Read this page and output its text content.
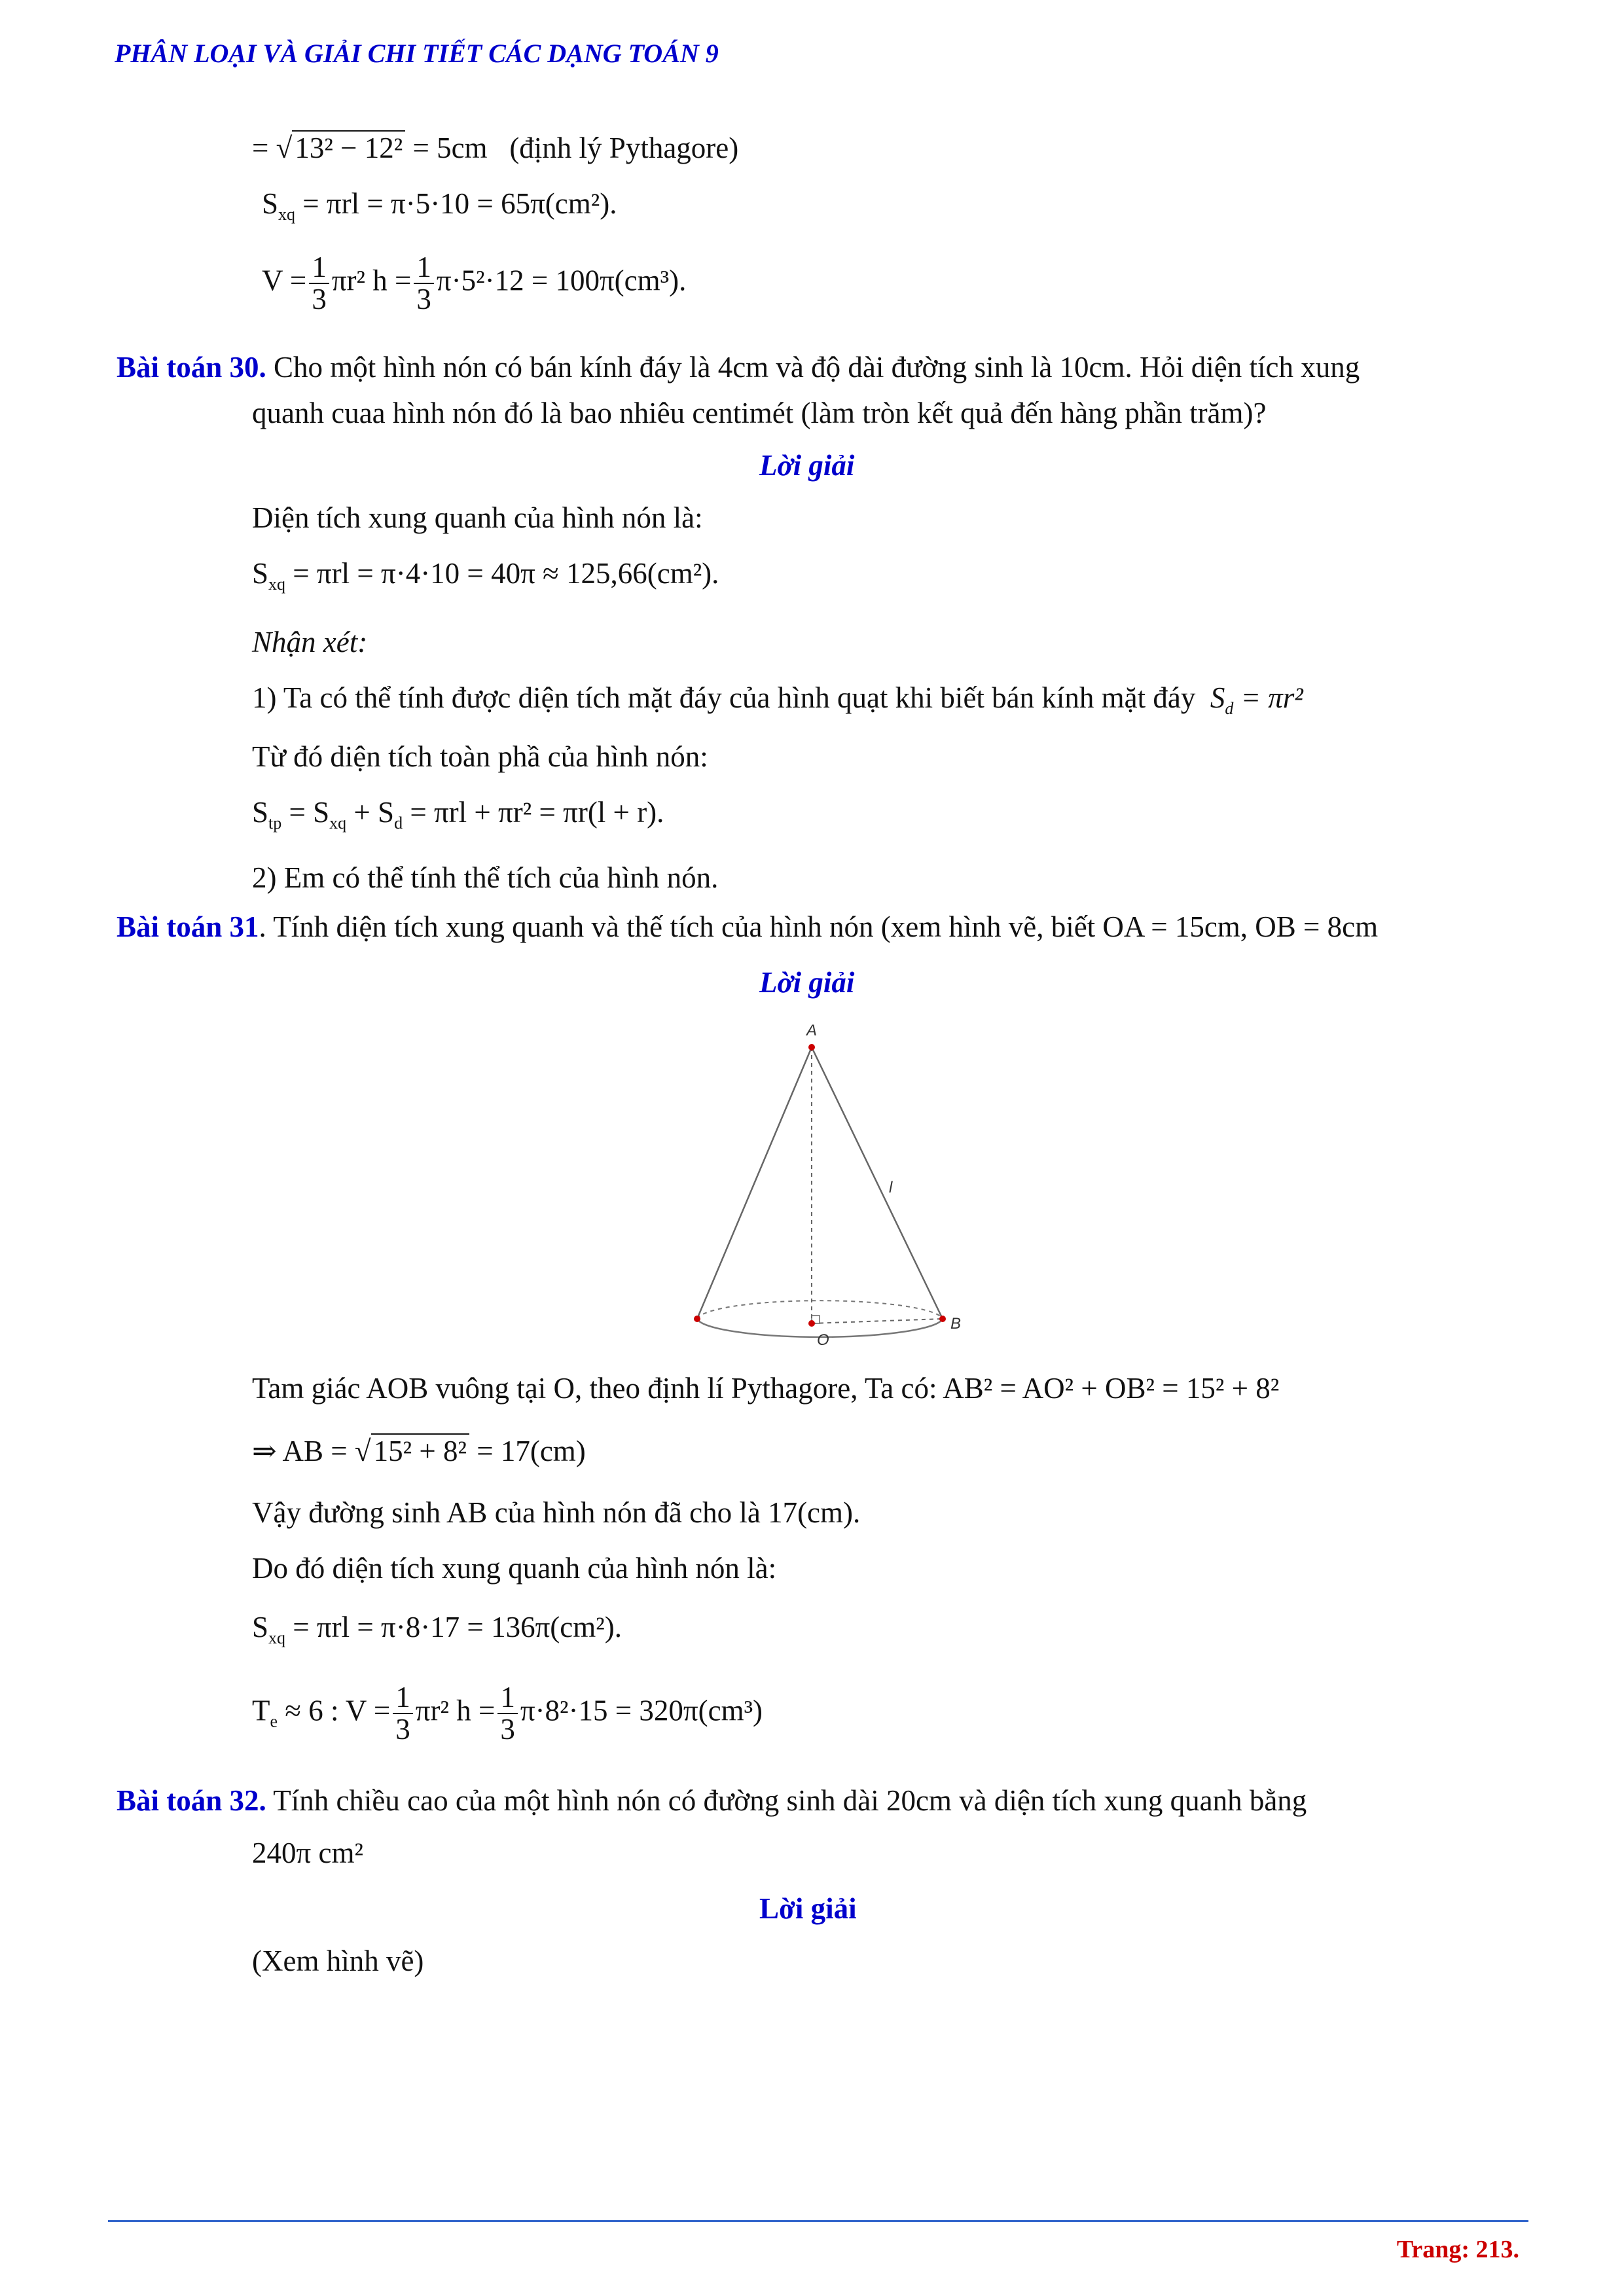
PHÂN LOẠI VÀ GIẢI CHI TIẾT CÁC DẠNG TOÁN 9
= √13² − 12² = 5cm (định lý Pythagore)
$S_{xq} = \pi rl = \pi\cdot 5\cdot 10 = 65\pi(cm^2)$.
$V = \frac{1}{3} \pi r^2$ $h = \frac{1}{3} \pi\cdot 5^2\cdot 12 = 100\pi(cm^3)$.
Bài toán 30. Cho một hình nón có bán kính đáy là 4cm và độ dài đường sinh là 10cm. Hỏi diện tích xung
quanh cuaa hình nón đó là bao nhiêu centimét (làm tròn kết quả đến hàng phần trăm)?
Lời giải
Diện tích xung quanh của hình nón là:
$S_{xq} = \pi rl = \pi\cdot 4\cdot 10 = 40\pi \approx 125,66(cm^2)$.
Nhận xét:
1) Ta có thể tính được diện tích mặt đáy của hình quạt khi biết bán kính mặt đáy $S_d = \pi r^2$
Từ đó diện tích toàn phầ của hình nón:
$S_{tp} = S_{xq} + S_d = \pi rl + \pi r^2 = \pi r(l + r)$.
2) Em có thể tính thể tích của hình nón.
Bài toán 31. Tính diện tích xung quanh và thế tích của hình nón (xem hình vẽ, biết OA = 15cm, OB = 8cm
Lời giải
A
O
B
l
Tam giác AOB vuông tại O, theo định lí Pythagore, Ta có: AB² = AO² + OB² = 15² + 8²
⇒ AB = √15² + 8² = 17(cm)
Vậy đường sinh AB của hình nón đã cho là 17(cm).
Do đó diện tích xung quanh của hình nón là:
$S_{xq} = \pi rl = \pi\cdot 8\cdot 17 = 136\pi(cm^2)$.
$T_e \approx 6$ : $V = \frac{1}{3} \pi r^2$ $h = \frac{1}{3} \pi\cdot 8^2\cdot 15 = 320\pi(cm^3)$
Bài toán 32. Tính chiều cao của một hình nón có đường sinh dài 20cm và diện tích xung quanh bằng
240π cm²
Lời giải
(Xem hình vẽ)
Trang: 213.
